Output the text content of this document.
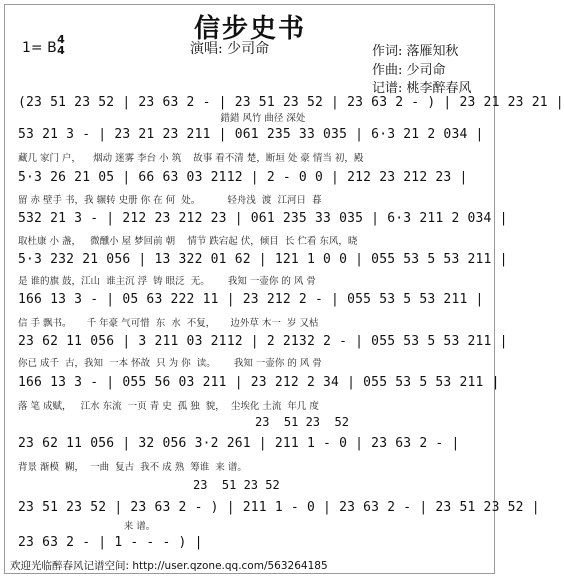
信步史书
1= B
4
4	演唱: 少司命	作词: 落雁知秋
作曲: 少司命
记谱: 桃李醉春风
(23 51 23 52 | 23 63 2 - | 23 51 23 52 | 23 63 2 - ) | 23 21 23 21 |
錯錯 风竹 曲径 深处
53 21 3 - | 23 21 23 211 | 061 235 33 035 | 6·3 21 2 034 |
藏几 家门 户，    烟动 迷雾 李台 小 筑    故事 看不清 楚，断垣 处 豪 情当 初，殿
5·3 26 21 05 | 66 63 03 2112 | 2 - 0 0 | 212 23 212 23 |
留 赤 壁手 书，我 辗转 史册 你 在 何  处。         轻舟浅  渡  江河日  暮
532 21 3 - | 212 23 212 23 | 061 235 33 035 | 6·3 211 2 034 |
取杜康 小 盏，   微醺小 屋 梦回前 朝    情节 跌宕起 伏，倾目  长 伫看 东风，晓
5·3 232 21 056 | 13 322 01 62 | 121 1 0 0 | 055 53 5 53 211 |
是 谁的旗 鼓，江山  谁主沉 浮  铸 眼泛  无。      我知 一壶你 的 风 骨
166 13 3 - | 05 63 222 11 | 23 212 2 - | 055 53 5 53 211 |
信 手 飘书。     千 年豪 气可惜  东  水  不复，     边外草 木一  岁 又枯
23 62 11 056 | 3 211 03 2112 | 2 2132 2 - | 055 53 5 53 211 |
你已 成千  古，我知  一本 怀故  只 为 你  读。      我知 一壶你 的 风 骨
166 13 3 - | 055 56 03 211 | 23 212 2 34 | 055 53 5 53 211 |
落 笔 成赋，   江水 东流  一页 青 史  孤 独  貌，  尘埃化 土流  年几 度
23  51 23  52
23 62 11 056 | 32 056 3·2 261 | 211 1 - 0 | 23 63 2 - |
背景 渐模  糊，  一曲  复古  我不 成 熟  筹谁  来 谱。
23  51 23 52
23 51 23 52 | 23 63 2 - ) | 211 1 - 0 | 23 63 2 - | 23 51 23 52 |
来 谱。
23 63 2 - | 1 - - - ) |
欢迎光临醉春风记谱空间: http://user.qzone.qq.com/563264185
